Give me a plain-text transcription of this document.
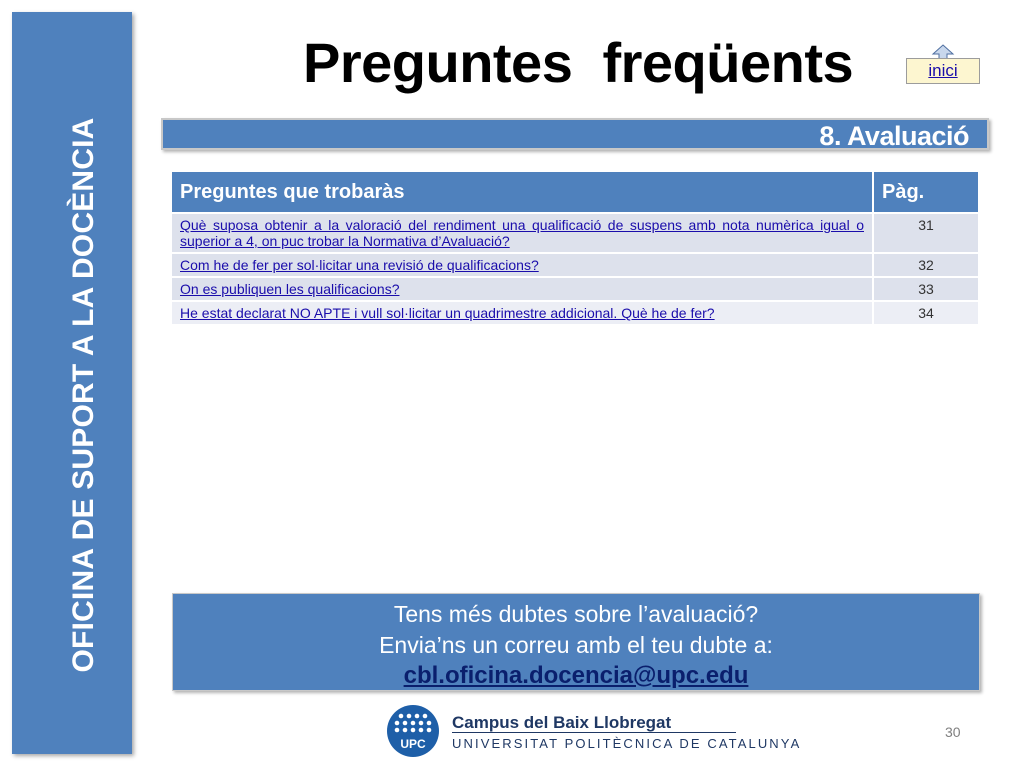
OFICINA DE SUPORT A LA DOCÈNCIA
Preguntes  freqüents	inici
8. Avaluació
Preguntes que trobaràs	Pàg.
Què suposa obtenir a la valoració del rendiment una qualificació de suspens amb nota numèrica igual o superior a 4, on puc trobar la Normativa d’Avaluació?	31
Com he de fer per sol·licitar una revisió de qualificacions?	32
On es publiquen les qualificacions?	33
He estat declarat NO APTE i vull sol·licitar un quadrimestre addicional. Què he de fer?	34
Tens més dubtes sobre l’avaluació?
Envia’ns un correu amb el teu dubte a:
cbl.oficina.docencia@upc.edu
UPC
Campus del Baix Llobregat
UNIVERSITAT POLITÈCNICA DE CATALUNYA
30
